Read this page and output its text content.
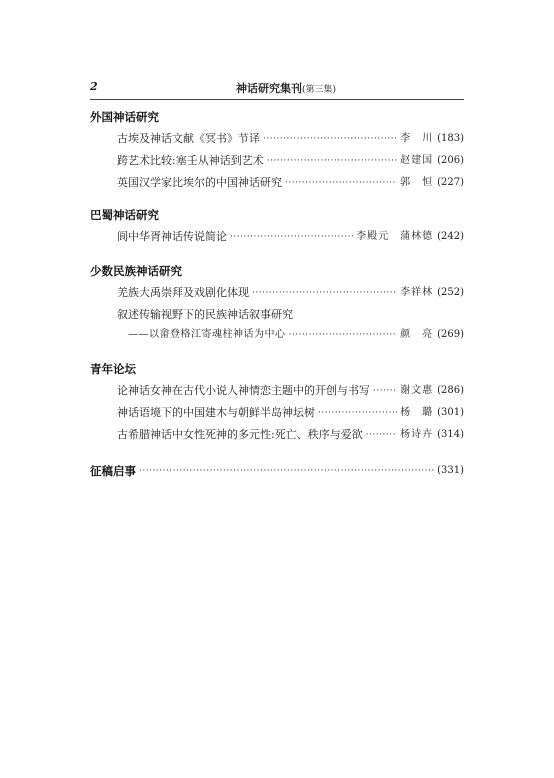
2	神话研究集刊(第三集)
外国神话研究
古埃及神话文献《冥书》节译 ·····	李　川 (183)
跨艺术比较:塞壬从神话到艺术 ·····	赵建国 (206)
英国汉学家比埃尔的中国神话研究 ·····	郭　恒 (227)
巴蜀神话研究
阆中华胥神话传说简论 ·····	李殿元　蒲林德 (242)
少数民族神话研究
羌族大禹崇拜及戏剧化体现 ·····	李祥林 (252)
叙述传输视野下的民族神话叙事研究
——以畲登格江寄魂柱神话为中心 ·····	颜　亮 (269)
青年论坛
论神话女神在古代小说人神情恋主题中的开创与书写 ·····	谢文惠 (286)
神话语境下的中国建木与朝鲜半岛神坛树 ·····	杨　璐 (301)
古希腊神话中女性死神的多元性:死亡、秩序与爱欲 ·····	杨诗卉 (314)
征稿启事 ·····	(331)
